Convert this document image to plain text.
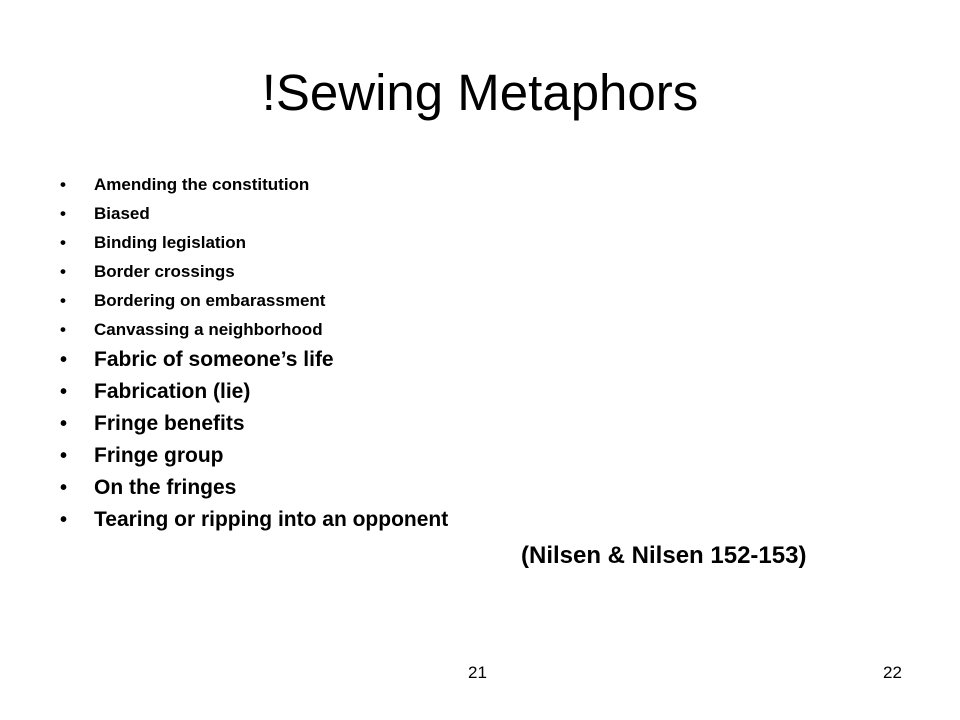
!Sewing Metaphors
• Amending the constitution
• Biased
• Binding legislation
• Border crossings
• Bordering on embarassment
• Canvassing a neighborhood
• Fabric of someone’s life
• Fabrication (lie)
• Fringe benefits
• Fringe group
• On the fringes
• Tearing or ripping into an opponent
(Nilsen & Nilsen 152-153)
21	22
